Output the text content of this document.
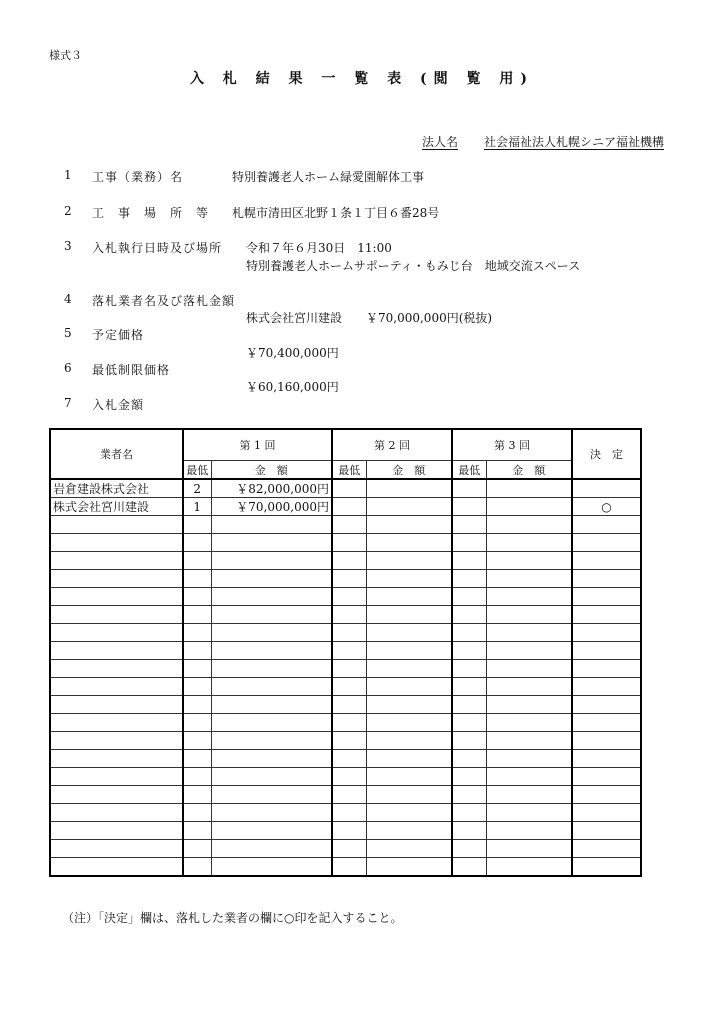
様式３
入 札 結 果 一 覧 表 (閲 覧 用)
法人名 社会福祉法人札幌シニア福祉機構
1	工事（業務）名	特別養護老人ホーム緑愛園解体工事
2	工　事　場　所　等 札幌市清田区北野１条１丁目６番28号
3	入札執行日時及び場所 令和７年６月30日　11:00
特別養護老人ホームサポーティ・もみじ台　地域交流スペース
4	落札業者名及び落札金額
株式会社宮川建設　　￥70,000,000円(税抜)
5	予定価格
￥70,400,000円
6	最低制限価格
￥60,160,000円
7	入札金額
業者名	第 1 回		第 2 回		第 3 回		決　定
	最低	金　額	最低	金　額	最低	金　額	
岩倉建設株式会社	2	￥82,000,000円					
株式会社宮川建設	1	￥70,000,000円					○

（注）「決定」欄は、落札した業者の欄に○印を記入すること。
